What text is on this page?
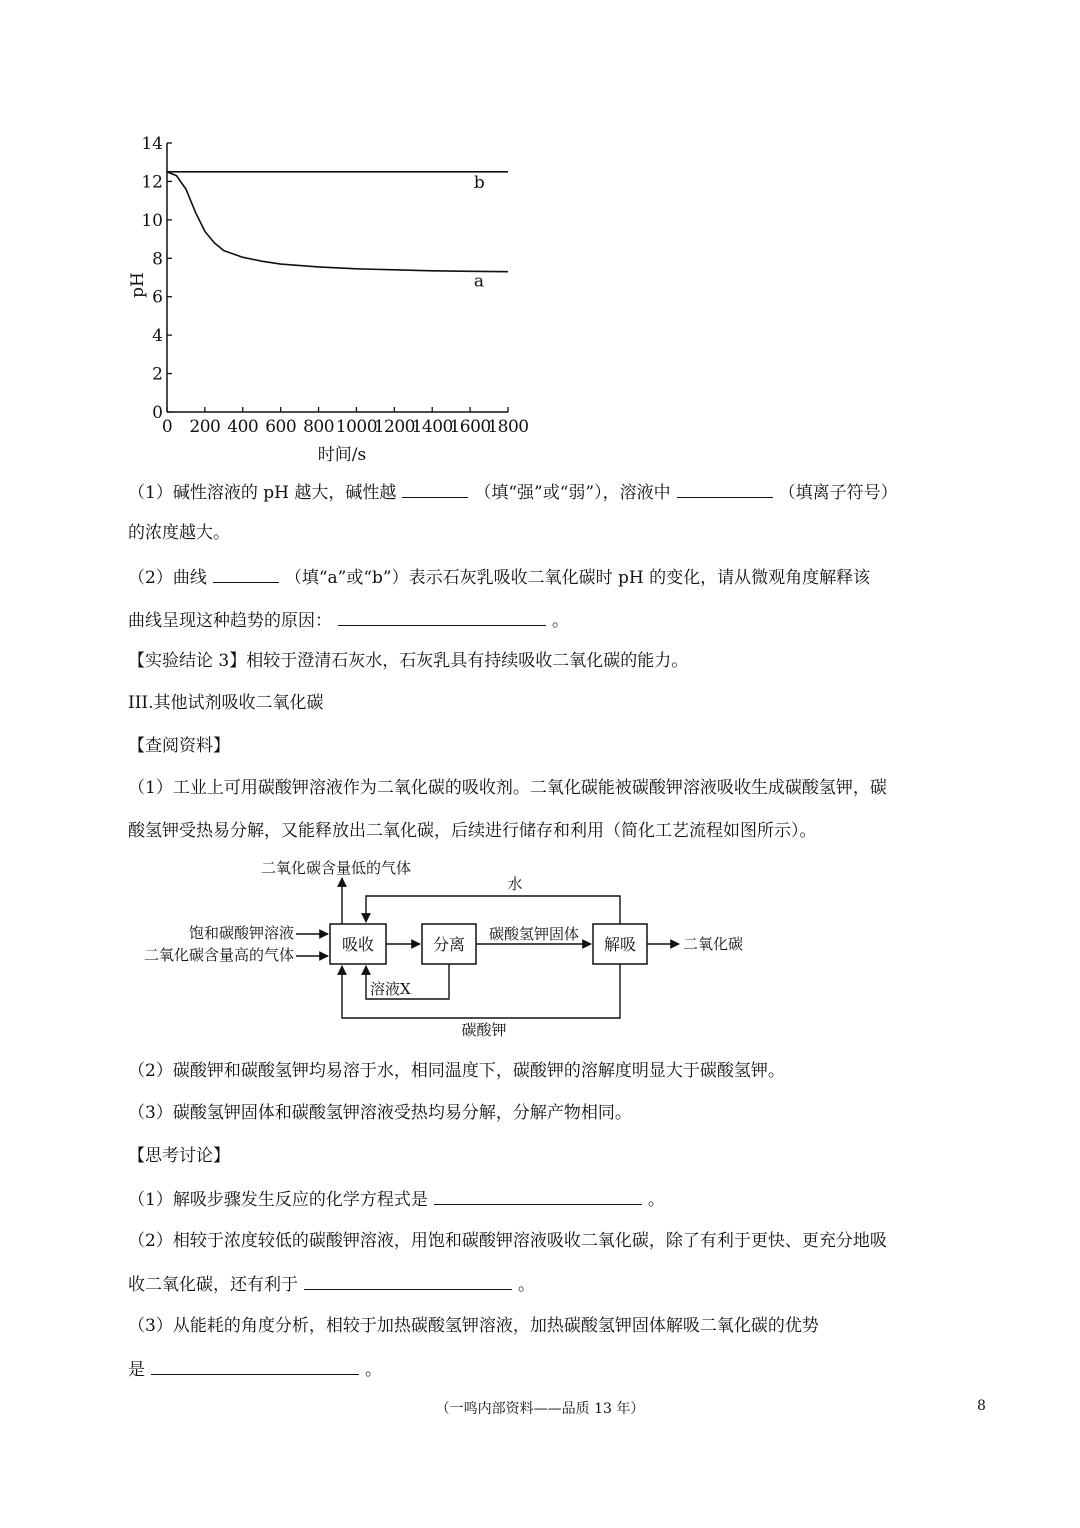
0
2
4
6
8
10
12
14
0 200 400 600 800 1000
1200
1400
1600
1800
b
a
时间/s
pH
（1）碱性溶液的 pH 越大，碱性越	（填“强”或“弱”），溶液中	（填离子符号）
的浓度越大。
（2）曲线	（填“a”或“b”）表示石灰乳吸收二氧化碳时 pH 的变化，请从微观角度解释该
曲线呈现这种趋势的原因：	。
【实验结论 3】相较于澄清石灰水，石灰乳具有持续吸收二氧化碳的能力。
III.其他试剂吸收二氧化碳
【查阅资料】
（1）工业上可用碳酸钾溶液作为二氧化碳的吸收剂。二氧化碳能被碳酸钾溶液吸收生成碳酸氢钾，碳
酸氢钾受热易分解，又能释放出二氧化碳，后续进行储存和利用（简化工艺流程如图所示）。
吸收	分离	解吸
二氧化碳含量低的气体
水
饱和碳酸钾溶液
二氧化碳含量高的气体
碳酸氢钾固体
二氧化碳
溶液X
碳酸钾
（2）碳酸钾和碳酸氢钾均易溶于水，相同温度下，碳酸钾的溶解度明显大于碳酸氢钾。
（3）碳酸氢钾固体和碳酸氢钾溶液受热均易分解，分解产物相同。
【思考讨论】
（1）解吸步骤发生反应的化学方程式是	。
（2）相较于浓度较低的碳酸钾溶液，用饱和碳酸钾溶液吸收二氧化碳，除了有利于更快、更充分地吸
收二氧化碳，还有利于	。
（3）从能耗的角度分析，相较于加热碳酸氢钾溶液，加热碳酸氢钾固体解吸二氧化碳的优势
是	。
（一鸣内部资料——品质 13 年）	8
